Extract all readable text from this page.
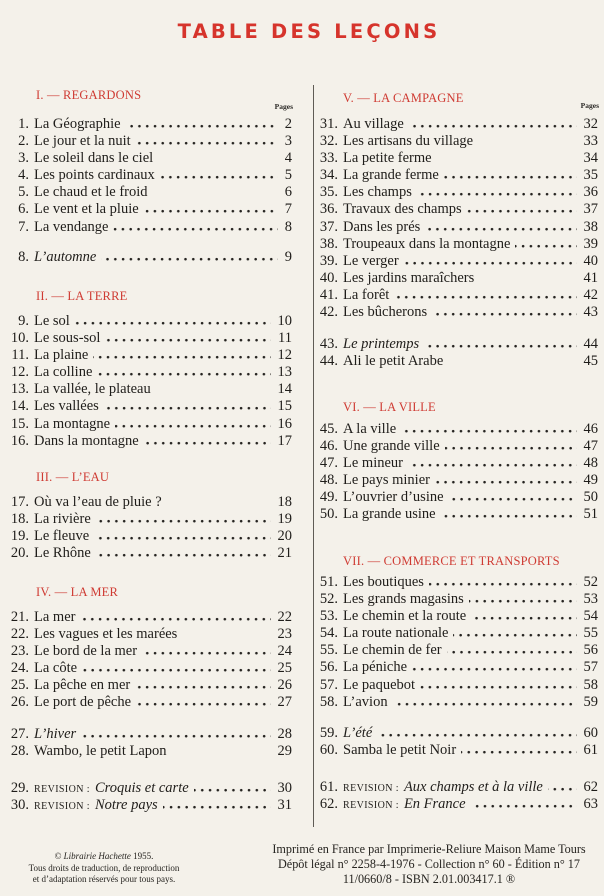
TABLE DES LEÇONS
Pages
I. — REGARDONS
1. La Géographie	2
2. Le jour et la nuit	3
3. Le soleil dans le ciel	4
4. Les points cardinaux	5
5. Le chaud et le froid	6
6. Le vent et la pluie	7
7. La vendange	8
8. L’automne	9
II. — LA TERRE
9. Le sol	10
10. Le sous-sol	11
11. La plaine	12
12. La colline	13
13. La vallée, le plateau	14
14. Les vallées	15
15. La montagne	16
16. Dans la montagne	17
III. — L’EAU
17. Où va l’eau de pluie ?	18
18. La rivière	19
19. Le fleuve	20
20. Le Rhône	21
IV. — LA MER
21. La mer	22
22. Les vagues et les marées	23
23. Le bord de la mer	24
24. La côte	25
25. La pêche en mer	26
26. Le port de pêche	27
27. L’hiver	28
28. Wambo, le petit Lapon	29
29. REVISION : Croquis et carte	30
30. REVISION : Notre pays	31
Pages
V. — LA CAMPAGNE
31. Au village	32
32. Les artisans du village	33
33. La petite ferme	34
34. La grande ferme	35
35. Les champs	36
36. Travaux des champs	37
37. Dans les prés	38
38. Troupeaux dans la montagne	39
39. Le verger	40
40. Les jardins maraîchers	41
41. La forêt	42
42. Les bûcherons	43
43. Le printemps	44
44. Ali le petit Arabe	45
VI. — LA VILLE
45. A la ville	46
46. Une grande ville	47
47. Le mineur	48
48. Le pays minier	49
49. L’ouvrier d’usine	50
50. La grande usine	51
VII. — COMMERCE ET TRANSPORTS
51. Les boutiques	52
52. Les grands magasins	53
53. Le chemin et la route	54
54. La route nationale	55
55. Le chemin de fer	56
56. La péniche	57
57. Le paquebot	58
58. L’avion	59
59. L’été	60
60. Samba le petit Noir	61
61. REVISION : Aux champs et à la ville	62
62. REVISION : En France	63
© Librairie Hachette 1955.
Tous droits de traduction, de reproduction
et d’adaptation réservés pour tous pays.
Imprimé en France par Imprimerie-Reliure Maison Mame Tours
Dépôt légal n° 2258-4-1976 - Collection n° 60 - Édition n° 17
11/0660/8 - ISBN 2.01.003417.1 ®
